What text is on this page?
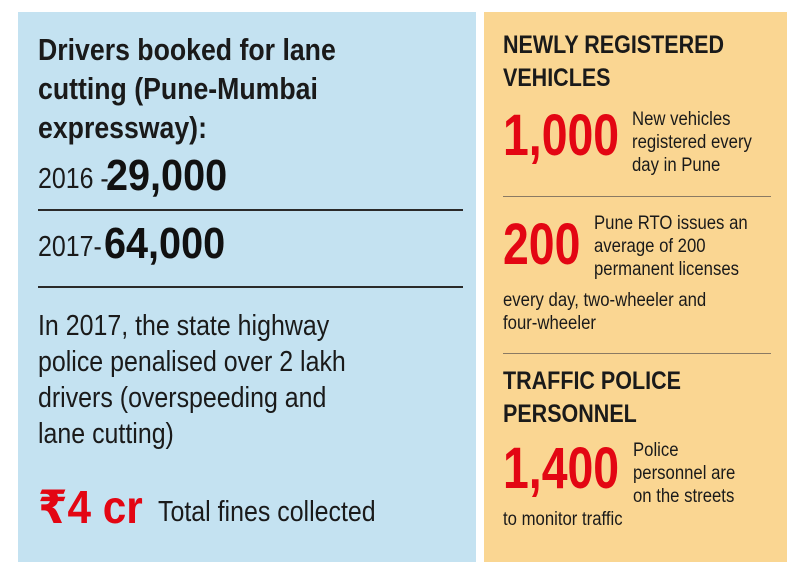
Drivers booked for lane
cutting (Pune-Mumbai
expressway):
2016 -
29,000
2017- 64,000
In 2017, the state highway
police penalised over 2 lakh
drivers (overspeeding and
lane cutting)
₹4 cr Total fines collected
NEWLY REGISTERED
VEHICLES
1,000 New vehicles
registered every
day in Pune
200 Pune RTO issues an
average of 200
permanent licenses
every day, two-wheeler and
four-wheeler
TRAFFIC POLICE
PERSONNEL
1,400 Police
personnel are
on the streets
to monitor traffic
